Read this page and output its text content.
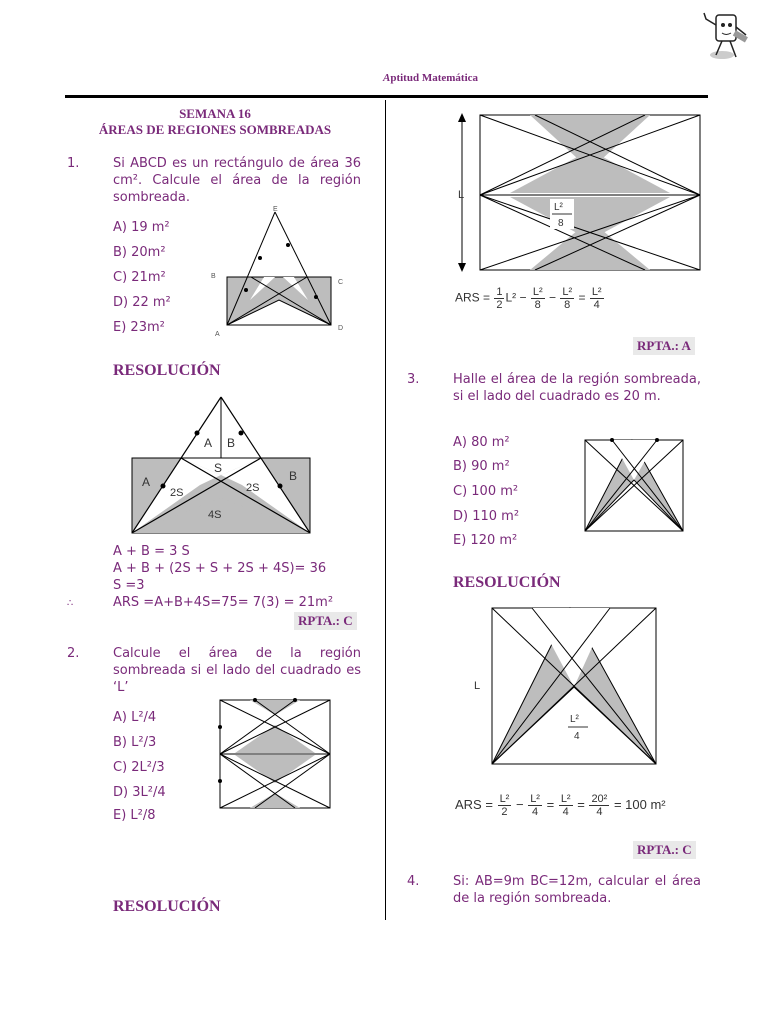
Aptitud Matemática
SEMANA 16
ÁREAS DE REGIONES SOMBREADAS
1.	Si ABCD es un rectángulo de área 36 cm². Calcule el área de la región sombreada.
A) 19 m²
B) 20m²
C) 21m²
D) 22 m²
E) 23m²
E
B
C
A
D
RESOLUCIÓN
A B
S
A	B
2S	2S
4S
A + B = 3 S
A + B + (2S + S + 2S + 4S)= 36
S =3
∴	ARS =A+B+4S=75= 7(3) = 21m²
RPTA.: C
2.	Calcule el área de la región sombreada si el lado del cuadrado es ‘L’
A) L²/4
B) L²/3
C) 2L²/3
D) 3L²/4
E) L²/8
RESOLUCIÓN
L
L²
8
ARS = $\frac{1}{2} L^2 - \frac{\text{L²}}{8} - \frac{\text{L²}}{8} = \frac{\text{L²}}{4}$
RPTA.: A
3.	Halle el área de la región sombreada, si el lado del cuadrado es 20 m.
A) 80 m²
B) 90 m²
C) 100 m²
D) 110 m²
E) 120 m²
RESOLUCIÓN
L
L²
4
ARS = $\frac{\text{L²}}{2} - \frac{\text{L²}}{4} = \frac{\text{L²}}{4} = \frac{\text{20²}}{4} = 100$ m²
RPTA.: C
4.	Si: AB=9m BC=12m, calcular el área de la región sombreada.
